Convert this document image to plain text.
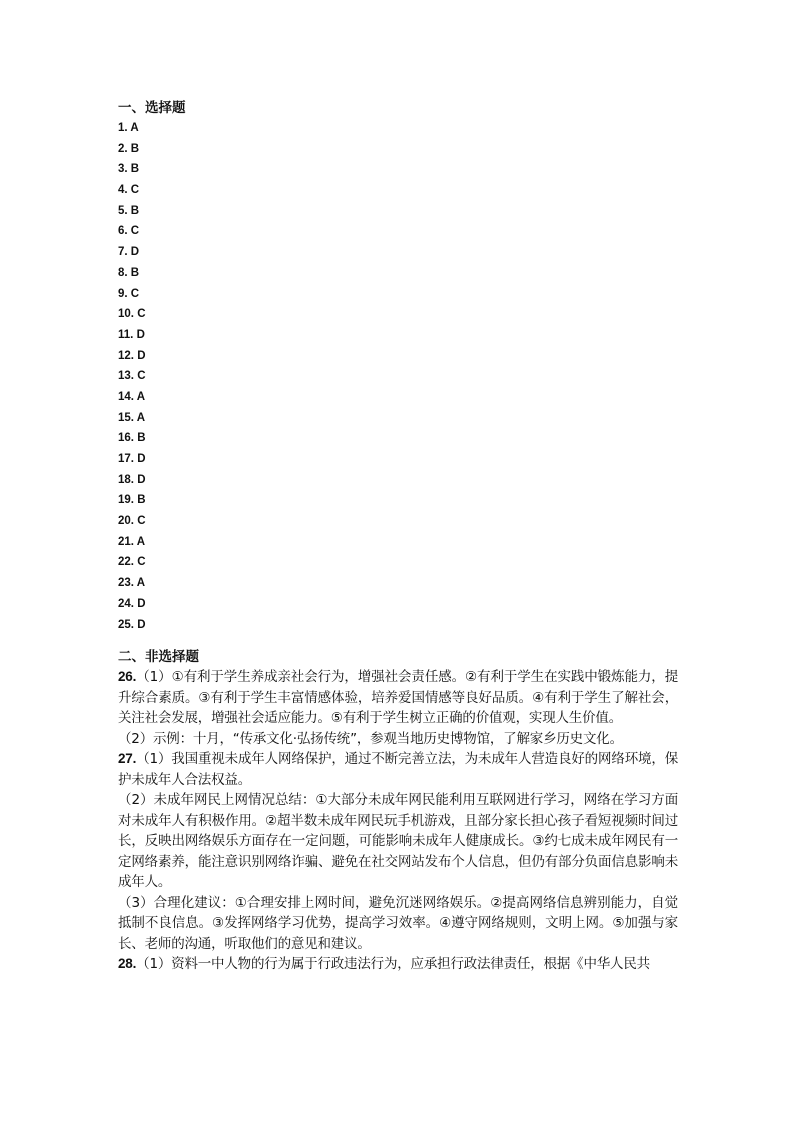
一、选择题
1. A
2. B
3. B
4. C
5. B
6. C
7. D
8. B
9. C
10. C
11. D
12. D
13. C
14. A
15. A
16. B
17. D
18. D
19. B
20. C
21. A
22. C
23. A
24. D
25. D
二、非选择题

26.（1）①有利于学生养成亲社会行为，增强社会责任感。②有利于学生在实践中锻炼能力，提升综合素质。③有利于学生丰富情感体验，培养爱国情感等良好品质。④有利于学生了解社会，关注社会发展，增强社会适应能力。⑤有利于学生树立正确的价值观，实现人生价值。

（2）示例：十月，“传承文化·弘扬传统”，参观当地历史博物馆，了解家乡历史文化。

27.（1）我国重视未成年人网络保护，通过不断完善立法，为未成年人营造良好的网络环境，保护未成年人合法权益。

（2）未成年网民上网情况总结：①大部分未成年网民能利用互联网进行学习，网络在学习方面对未成年人有积极作用。②超半数未成年网民玩手机游戏，且部分家长担心孩子看短视频时间过长，反映出网络娱乐方面存在一定问题，可能影响未成年人健康成长。③约七成未成年网民有一定网络素养，能注意识别网络诈骗、避免在社交网站发布个人信息，但仍有部分负面信息影响未成年人。

（3）合理化建议：①合理安排上网时间，避免沉迷网络娱乐。②提高网络信息辨别能力，自觉抵制不良信息。③发挥网络学习优势，提高学习效率。④遵守网络规则，文明上网。⑤加强与家长、老师的沟通，听取他们的意见和建议。

28.（1）资料一中人物的行为属于行政违法行为，应承担行政法律责任，根据《中华人民共
